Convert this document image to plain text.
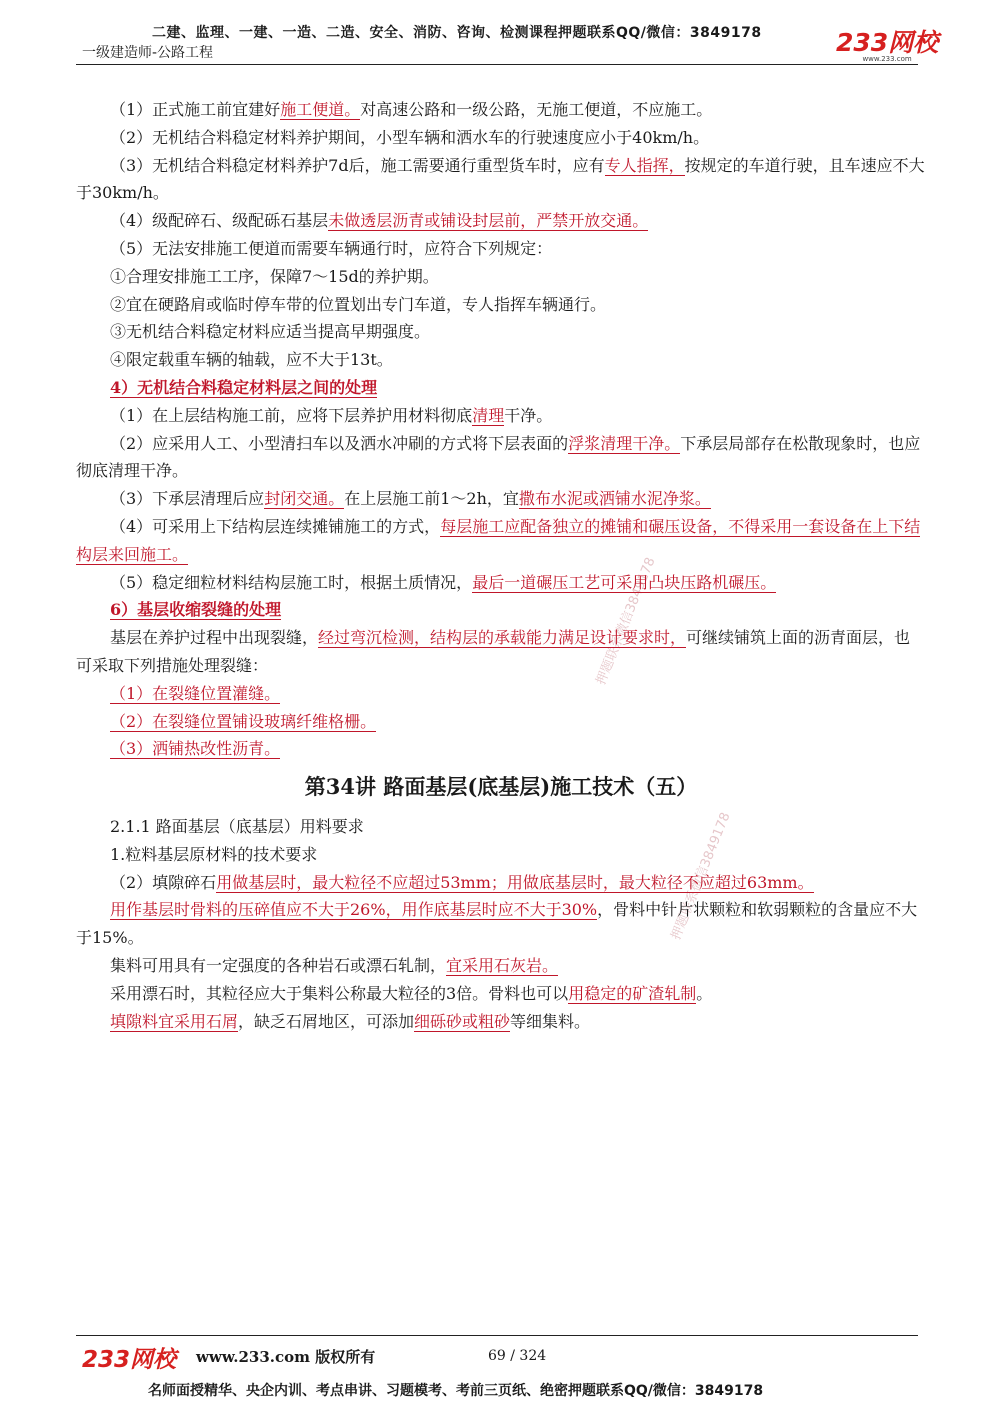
二建、监理、一建、一造、二造、安全、消防、咨询、检测课程押题联系QQ/微信：3849178
一级建造师-公路工程	233网校
www.233.com
押题联系微信3849178
押题联系微信3849178

（1）正式施工前宜建好施工便道。对高速公路和一级公路，无施工便道，不应施工。

（2）无机结合料稳定材料养护期间，小型车辆和洒水车的行驶速度应小于40km/h。

（3）无机结合料稳定材料养护7d后，施工需要通行重型货车时，应有专人指挥，按规定的车道行驶，且车速应不大于30km/h。

（4）级配碎石、级配砾石基层未做透层沥青或铺设封层前，严禁开放交通。

（5）无法安排施工便道而需要车辆通行时，应符合下列规定：

①合理安排施工工序，保障7～15d的养护期。

②宜在硬路肩或临时停车带的位置划出专门车道，专人指挥车辆通行。

③无机结合料稳定材料应适当提高早期强度。

④限定载重车辆的轴载，应不大于13t。

4）无机结合料稳定材料层之间的处理

（1）在上层结构施工前，应将下层养护用材料彻底清理干净。

（2）应采用人工、小型清扫车以及洒水冲刷的方式将下层表面的浮浆清理干净。下承层局部存在松散现象时，也应彻底清理干净。

（3）下承层清理后应封闭交通。在上层施工前1～2h，宜撒布水泥或洒铺水泥净浆。

（4）可采用上下结构层连续摊铺施工的方式，每层施工应配备独立的摊铺和碾压设备，不得采用一套设备在上下结构层来回施工。

（5）稳定细粒材料结构层施工时，根据土质情况，最后一道碾压工艺可采用凸块压路机碾压。

6）基层收缩裂缝的处理

基层在养护过程中出现裂缝，经过弯沉检测，结构层的承载能力满足设计要求时，可继续铺筑上面的沥青面层，也可采取下列措施处理裂缝：

（1）在裂缝位置灌缝。

（2）在裂缝位置铺设玻璃纤维格栅。

（3）洒铺热改性沥青。

第34讲 路面基层(底基层)施工技术（五）

2.1.1 路面基层（底基层）用料要求

1.粒料基层原材料的技术要求

（2）填隙碎石用做基层时，最大粒径不应超过53mm；用做底基层时，最大粒径不应超过63mm。

用作基层时骨料的压碎值应不大于26%，用作底基层时应不大于30%，骨料中针片状颗粒和软弱颗粒的含量应不大于15%。

集料可用具有一定强度的各种岩石或漂石轧制，宜采用石灰岩。

采用漂石时，其粒径应大于集料公称最大粒径的3倍。骨料也可以用稳定的矿渣轧制。

填隙料宜采用石屑，缺乏石屑地区，可添加细砾砂或粗砂等细集料。

233网校 www.233.com 版权所有	69 / 324
名师面授精华、央企内训、考点串讲、习题模考、考前三页纸、绝密押题联系QQ/微信：3849178
